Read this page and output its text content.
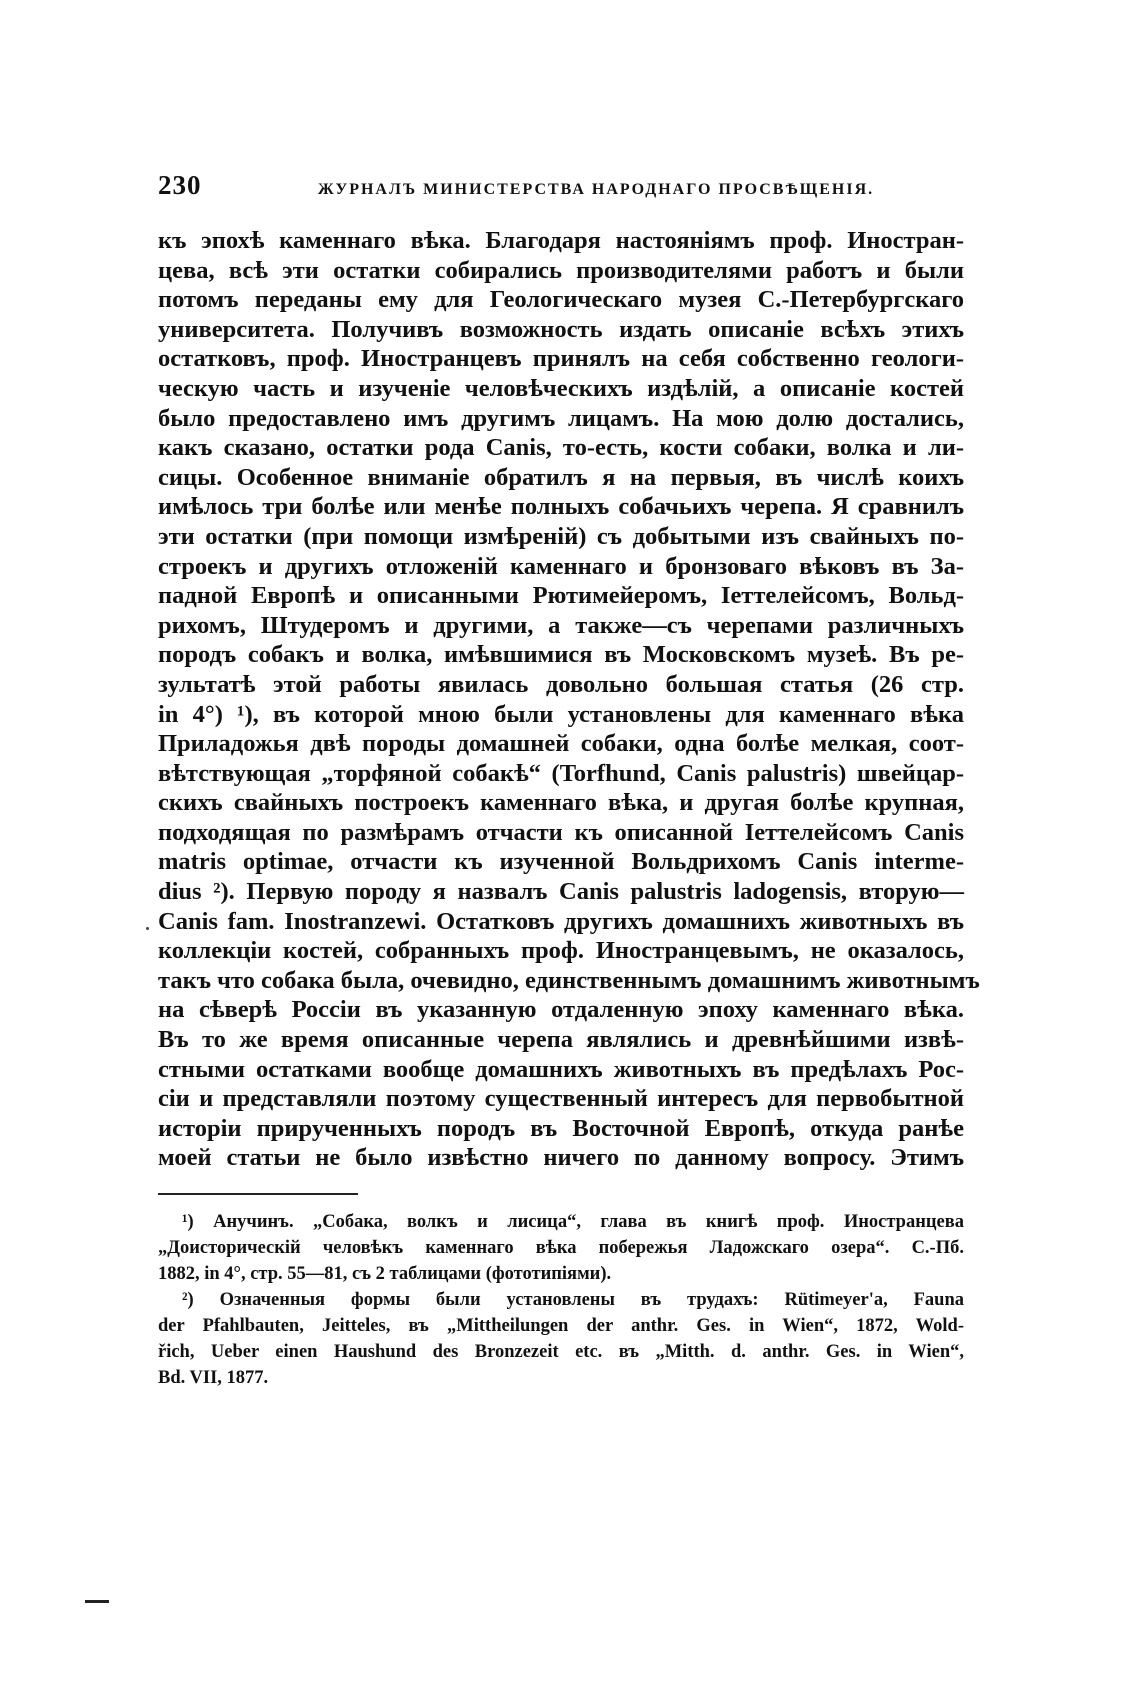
230	ЖУРНАЛЪ МИНИСТЕРСТВА НАРОДНАГО ПРОСВѢЩЕНІЯ.
къ эпохѣ каменнаго вѣка. Благодаря настояніямъ проф. Иностран-
цева, всѣ эти остатки собирались производителями работъ и были
потомъ переданы ему для Геологическаго музея С.-Петербургскаго
университета. Получивъ возможность издать описаніе всѣхъ этихъ
остатковъ, проф. Иностранцевъ принялъ на себя собственно геологи-
ческую часть и изученіе человѣческихъ издѣлій, а описаніе костей
было предоставлено имъ другимъ лицамъ. На мою долю достались,
какъ сказано, остатки рода Canis, то-есть, кости собаки, волка и ли-
сицы. Особенное вниманіе обратилъ я на первыя, въ числѣ коихъ
имѣлось три болѣе или менѣе полныхъ собачьихъ черепа. Я сравнилъ
эти остатки (при помощи измѣреній) съ добытыми изъ свайныхъ по-
строекъ и другихъ отложеній каменнаго и бронзоваго вѣковъ въ За-
падной Европѣ и описанными Рютимейеромъ, Іеттелейсомъ, Вольд-
рихомъ, Штудеромъ и другими, а также—съ черепами различныхъ
породъ собакъ и волка, имѣвшимися въ Московскомъ музеѣ. Въ ре-
зультатѣ этой работы явилась довольно большая статья (26 стр.
in 4°) ¹), въ которой мною были установлены для каменнаго вѣка
Приладожья двѣ породы домашней собаки, одна болѣе мелкая, соот-
вѣтствующая „торфяной собакѣ“ (Torfhund, Canis palustris) швейцар-
скихъ свайныхъ построекъ каменнаго вѣка, и другая болѣе крупная,
подходящая по размѣрамъ отчасти къ описанной Іеттелейсомъ Canis
matris optimae, отчасти къ изученной Вольдрихомъ Canis interme-
dius ²). Первую породу я назвалъ Canis palustris ladogensis, вторую—
Canis fam. Inostranzewi. Остатковъ другихъ домашнихъ животныхъ въ
коллекціи костей, собранныхъ проф. Иностранцевымъ, не оказалось,
такъ что собака была, очевидно, единственнымъ домашнимъ животнымъ
на сѣверѣ Россіи въ указанную отдаленную эпоху каменнаго вѣка.
Въ то же время описанные черепа являлись и древнѣйшими извѣ-
стными остатками вообще домашнихъ животныхъ въ предѣлахъ Рос-
сіи и представляли поэтому существенный интересъ для первобытной
исторіи прирученныхъ породъ въ Восточной Европѣ, откуда ранѣе
моей статьи не было извѣстно ничего по данному вопросу. Этимъ
¹) Анучинъ. „Собака, волкъ и лисица“, глава въ книгѣ проф. Иностранцева
„Доисторическій человѣкъ каменнаго вѣка побережья Ладожскаго озера“. С.-Пб.
1882, in 4°, стр. 55—81, съ 2 таблицами (фототипіями).
²) Означенныя формы были установлены въ трудахъ: Rütimeyer'а, Fauna
der Pfahlbauten, Jeitteles, въ „Mittheilungen der anthr. Ges. in Wien“, 1872, Wold-
řich, Ueber einen Haushund des Bronzezeit etc. въ „Mitth. d. anthr. Ges. in Wien“,
Bd. VII, 1877.
